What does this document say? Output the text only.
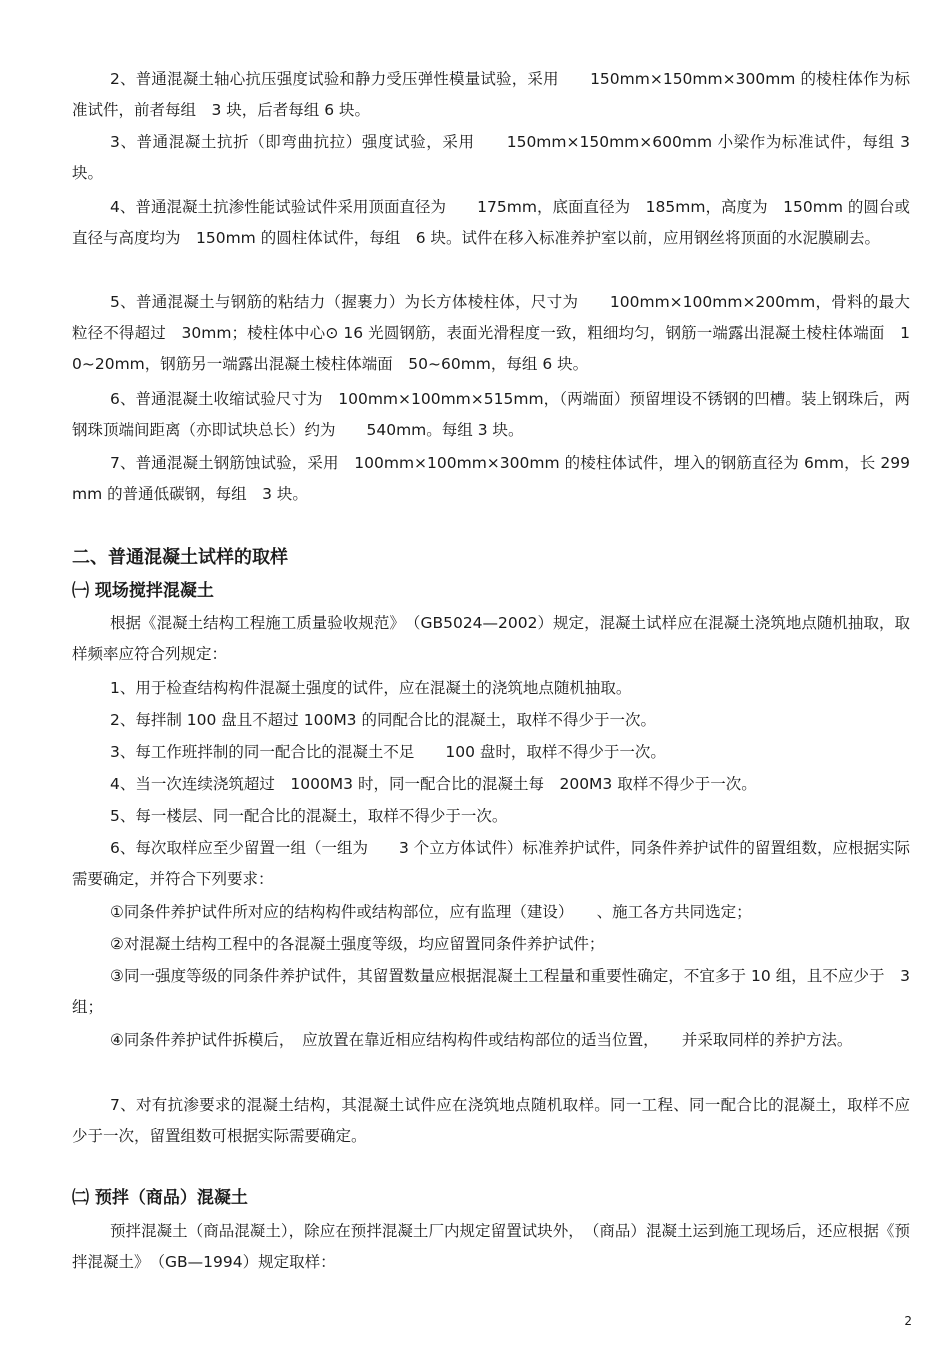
2、普通混凝土轴心抗压强度试验和静力受压弹性模量试验，采用　　150mm×150mm×300mm 的棱柱体作为标准试件，前者每组　3 块，后者每组 6 块。

3、普通混凝土抗折（即弯曲抗拉）强度试验，采用　　150mm×150mm×600mm 小梁作为标准试件，每组 3 块。

4、普通混凝土抗渗性能试验试件采用顶面直径为　　175mm，底面直径为　185mm，高度为　150mm 的圆台或直径与高度均为　150mm 的圆柱体试件，每组　6 块。试件在移入标准养护室以前，应用钢丝将顶面的水泥膜刷去。

5、普通混凝土与钢筋的粘结力（握裹力）为长方体棱柱体，尺寸为　　100mm×100mm×200mm，骨料的最大粒径不得超过　30mm；棱柱体中心⊙ 16 光圆钢筋，表面光滑程度一致，粗细均匀，钢筋一端露出混凝土棱柱体端面　10~20mm，钢筋另一端露出混凝土棱柱体端面　50~60mm，每组 6 块。

6、普通混凝土收缩试验尺寸为　100mm×100mm×515mm，（两端面）预留埋设不锈钢的凹槽。装上钢珠后，两钢珠顶端间距离（亦即试块总长）约为　　540mm。每组 3 块。

7、普通混凝土钢筋蚀试验，采用　100mm×100mm×300mm 的棱柱体试件，埋入的钢筋直径为 6mm，长 299mm 的普通低碳钢，每组　3 块。

二、普通混凝土试样的取样
㈠ 现场搅拌混凝土

根据《混凝土结构工程施工质量验收规范》　（GB5024—2002）规定，混凝土试样应在混凝土浇筑地点随机抽取，取样频率应符合列规定：

1、用于检查结构构件混凝土强度的试件，应在混凝土的浇筑地点随机抽取。

2、每拌制 100 盘且不超过 100M3 的同配合比的混凝土，取样不得少于一次。

3、每工作班拌制的同一配合比的混凝土不足　　100 盘时，取样不得少于一次。

4、当一次连续浇筑超过　1000M3 时，同一配合比的混凝土每　200M3 取样不得少于一次。

5、每一楼层、同一配合比的混凝土，取样不得少于一次。

6、每次取样应至少留置一组（一组为　　3 个立方体试件）标准养护试件，同条件养护试件的留置组数，应根据实际需要确定，并符合下列要求：

①同条件养护试件所对应的结构构件或结构部位，应有监理（建设）　　、施工各方共同选定；

②对混凝土结构工程中的各混凝土强度等级，均应留置同条件养护试件；

③同一强度等级的同条件养护试件，其留置数量应根据混凝土工程量和重要性确定，不宜多于 10 组，且不应少于　3 组；

④同条件养护试件拆模后，　应放置在靠近相应结构构件或结构部位的适当位置，　　并采取同样的养护方法。

7、对有抗渗要求的混凝土结构，其混凝土试件应在浇筑地点随机取样。同一工程、同一配合比的混凝土，取样不应少于一次，留置组数可根据实际需要确定。

㈡ 预拌（商品）混凝土

预拌混凝土（商品混凝土），除应在预拌混凝土厂内规定留置试块外，　（商品）混凝土运到施工现场后，还应根据《预拌混凝土》　（GB—1994）规定取样：

2
